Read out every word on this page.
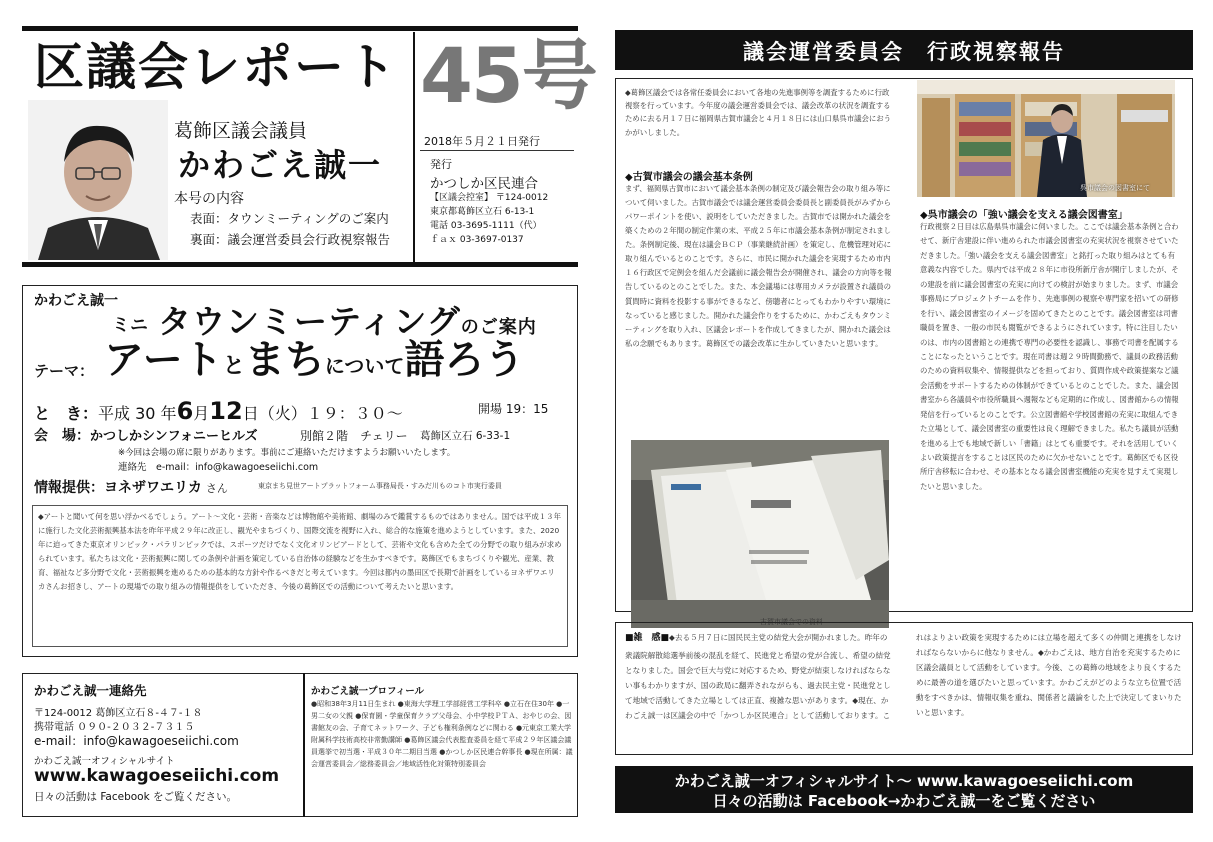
区議会レポート 45号
葛飾区議会議員
かわごえ誠一
本号の内容
表面：タウンミーティングのご案内
裏面：議会運営委員会行政視察報告
2018年５月２１日発行
発行
かつしか区民連合
【区議会控室】 〒124-0012
東京都葛飾区立石 6-13-1
電話 03-3695-1111（代）
ｆａｘ 03-3697-0137
かわごえ誠一
ミニ タウンミーティングのご案内
テーマ： アートとまちについて語ろう
と　き：平成 30 年6月12日（火）１９：３０〜	開場 19：15
会　場：かつしかシンフォニーヒルズ	別館２階　チェリー 葛飾区立石 6-33-1
※今回は会場の席に限りがあります。事前にご連絡いただけますようお願いいたします。
連絡先　e-mail：info@kawagoeseiichi.com
情報提供：ヨネザワエリカ さん	東京まち見世アートプラットフォーム事務局長・すみだ川ものコト市実行委員
◆アートと聞いて何を思い浮かべるでしょう。アート～文化・芸術・音楽などは博物館や美術館、劇場のみで鑑賞するものではありません。国では平成１３年に施行した文化芸術振興基本法を昨年平成２９年に改正し、観光やまちづくり、国際交流を視野に入れ、総合的な施策を進めようとしています。また、2020 年に迫ってきた東京オリンピック・パラリンピックでは、スポーツだけでなく文化オリンピアードとして、芸術や文化も含めた全ての分野での取り組みが求められています。私たちは文化・芸術振興に関しての条例や計画を策定している自治体の経験などを生かすべきです。葛飾区でもまちづくりや観光、産業、教育、福祉など多分野で文化・芸術振興を進めるための基本的な方針や作るべきだと考えています。今回は都内の墨田区で長期で計画をしているヨネザワエリカさんお招きし、アートの現場での取り組みの情報提供をしていただき、今後の葛飾区での活動について考えたいと思います。
かわごえ誠一連絡先
〒124-0012 葛飾区立石８-４７-１８
携帯電話 ０９０-２０３２-７３１５
e-mail：info@kawagoeseiichi.com
かわごえ誠一オフィシャルサイト
www.kawagoeseiichi.com
日々の活動は Facebook をご覧ください。
かわごえ誠一プロフィール
●昭和38年3月11日生まれ ●東海大学理工学部経営工学科卒 ●立石在住30年 ●一男二女の父親 ●保育園・学童保育クラブ父母会、小中学校ＰＴＡ、おやじの会、図書館友の会、子育てネットワーク、子ども権利条例などに関わる ●元東京工業大学附属科学技術高校非常勤講師 ●葛飾区議会代表監査委員を経て平成２９年区議会議員選挙で初当選・平成３０年二期目当選 ●かつしか区民連合幹事長 ●現在所属：議会運営委員会／総務委員会／地域活性化対策特別委員会
議会運営委員会　行政視察報告
◆葛飾区議会では各常任委員会において各地の先進事例等を調査するために行政視察を行っています。今年度の議会運営委員会では、議会改革の状況を調査するために去る月１７日に福岡県古賀市議会と４月１８日には山口県呉市議会におうかがいしました。
◆古賀市議会の議会基本条例
まず、福岡県古賀市において議会基本条例の制定及び議会報告会の取り組み等について伺いました。古賀市議会では議会運営委員会委員長と副委員長がみずからパワーポイントを使い、説明をしていただきました。古賀市では開かれた議会を築くための２年間の制定作業の末、平成２５年に市議会基本条例が制定されました。条例制定後、現在は議会ＢＣＰ（事業継続計画）を策定し、危機管理対応に取り組んでいるとのことです。さらに、市民に開かれた議会を実現するため市内１６行政区で定例会を組んだ会議前に議会報告会が開催され、議会の方向等を報告しているのとのことでした。また、本会議場には専用カメラが設置され議員の質問時に資料を投影する事ができるなど、傍聴者にとってもわかりやすい環境になっていると感じました。開かれた議会作りをするために、かわごえもタウンミーティングを取り入れ、区議会レポートを作成してきましたが、開かれた議会は私の念願でもあります。葛飾区での議会改革に生かしていきたいと思います。
古賀市議会での資料
呉市議会の図書室にて
◆呉市議会の「強い議会を支える議会図書室」
行政視察２日目は広島県呉市議会に伺いました。ここでは議会基本条例と合わせて、新庁舎建設に伴い進められた市議会図書室の充実状況を視察させていただきました。「強い議会を支える議会図書室」と銘打った取り組みはとても有意義な内容でした。県内では平成２８年に市役所新庁舎が開庁しましたが、その建設を前に議会図書室の充実に向けての検討が始まりました。まず、市議会事務局にプロジェクトチームを作り、先進事例の視察や専門家を招いての研修を行い、議会図書室のイメージを固めてきたとのことです。議会図書室は司書職員を置き、一般の市民も閲覧ができるようにされています。特に注目したいのは、市内の図書館との連携で専門の必要性を認識し、事務で司書を配属することになったということです。現在司書は週２９時間勤務で、議員の政務活動のための資料収集や、情報提供などを担っており、質問作成や政策提案など議会活動をサポートするための体制ができているとのことでした。また、議会図書室から各議員や市役所職員へ週報なども定期的に作成し、図書館からの情報発信を行っているとのことです。公立図書館や学校図書館の充実に取組んできた立場として、議会図書室の重要性は良く理解できました。私たち議員が活動を進める上でも地域で新しい「書籍」はとても重要です。それを活用していくよい政策提言をすることは区民のために欠かせないことです。葛飾区でも区役所庁舎移転に合わせ、その基本となる議会図書室機能の充実を見すえて実現したいと思いました。
■雑　感■◆去る５月７日に国民民主党の結党大会が開かれました。昨年の衆議院解散総選挙前後の混乱を経て、民進党と希望の党が合流し、希望の結党となりました。国会で巨大与党に対応するため、野党が結束しなければならない事もわかりますが、国の政局に翻弄されながらも、過去民主党・民進党として地域で活動してきた立場としては正直、複雑な思いがあります。◆現在、かわごえ誠一は区議会の中で「かつしか区民連合」として活動しております。これはよりよい政策を実現するためには立場を超えて多くの仲間と連携をしなければならないからに他なりません。◆かわごえは、地方自治を充実するために区議会議員として活動をしています。今後、この葛飾の地域をより良くするために最善の道を選びたいと思っています。かわごえがどのような立ち位置で活動をすべきかは、情報収集を重ね、関係者と議論をした上で決定してまいりたいと思います。
かわごえ誠一オフィシャルサイト～ www.kawagoeseiichi.com
日々の活動は Facebook→かわごえ誠一をご覧ください
